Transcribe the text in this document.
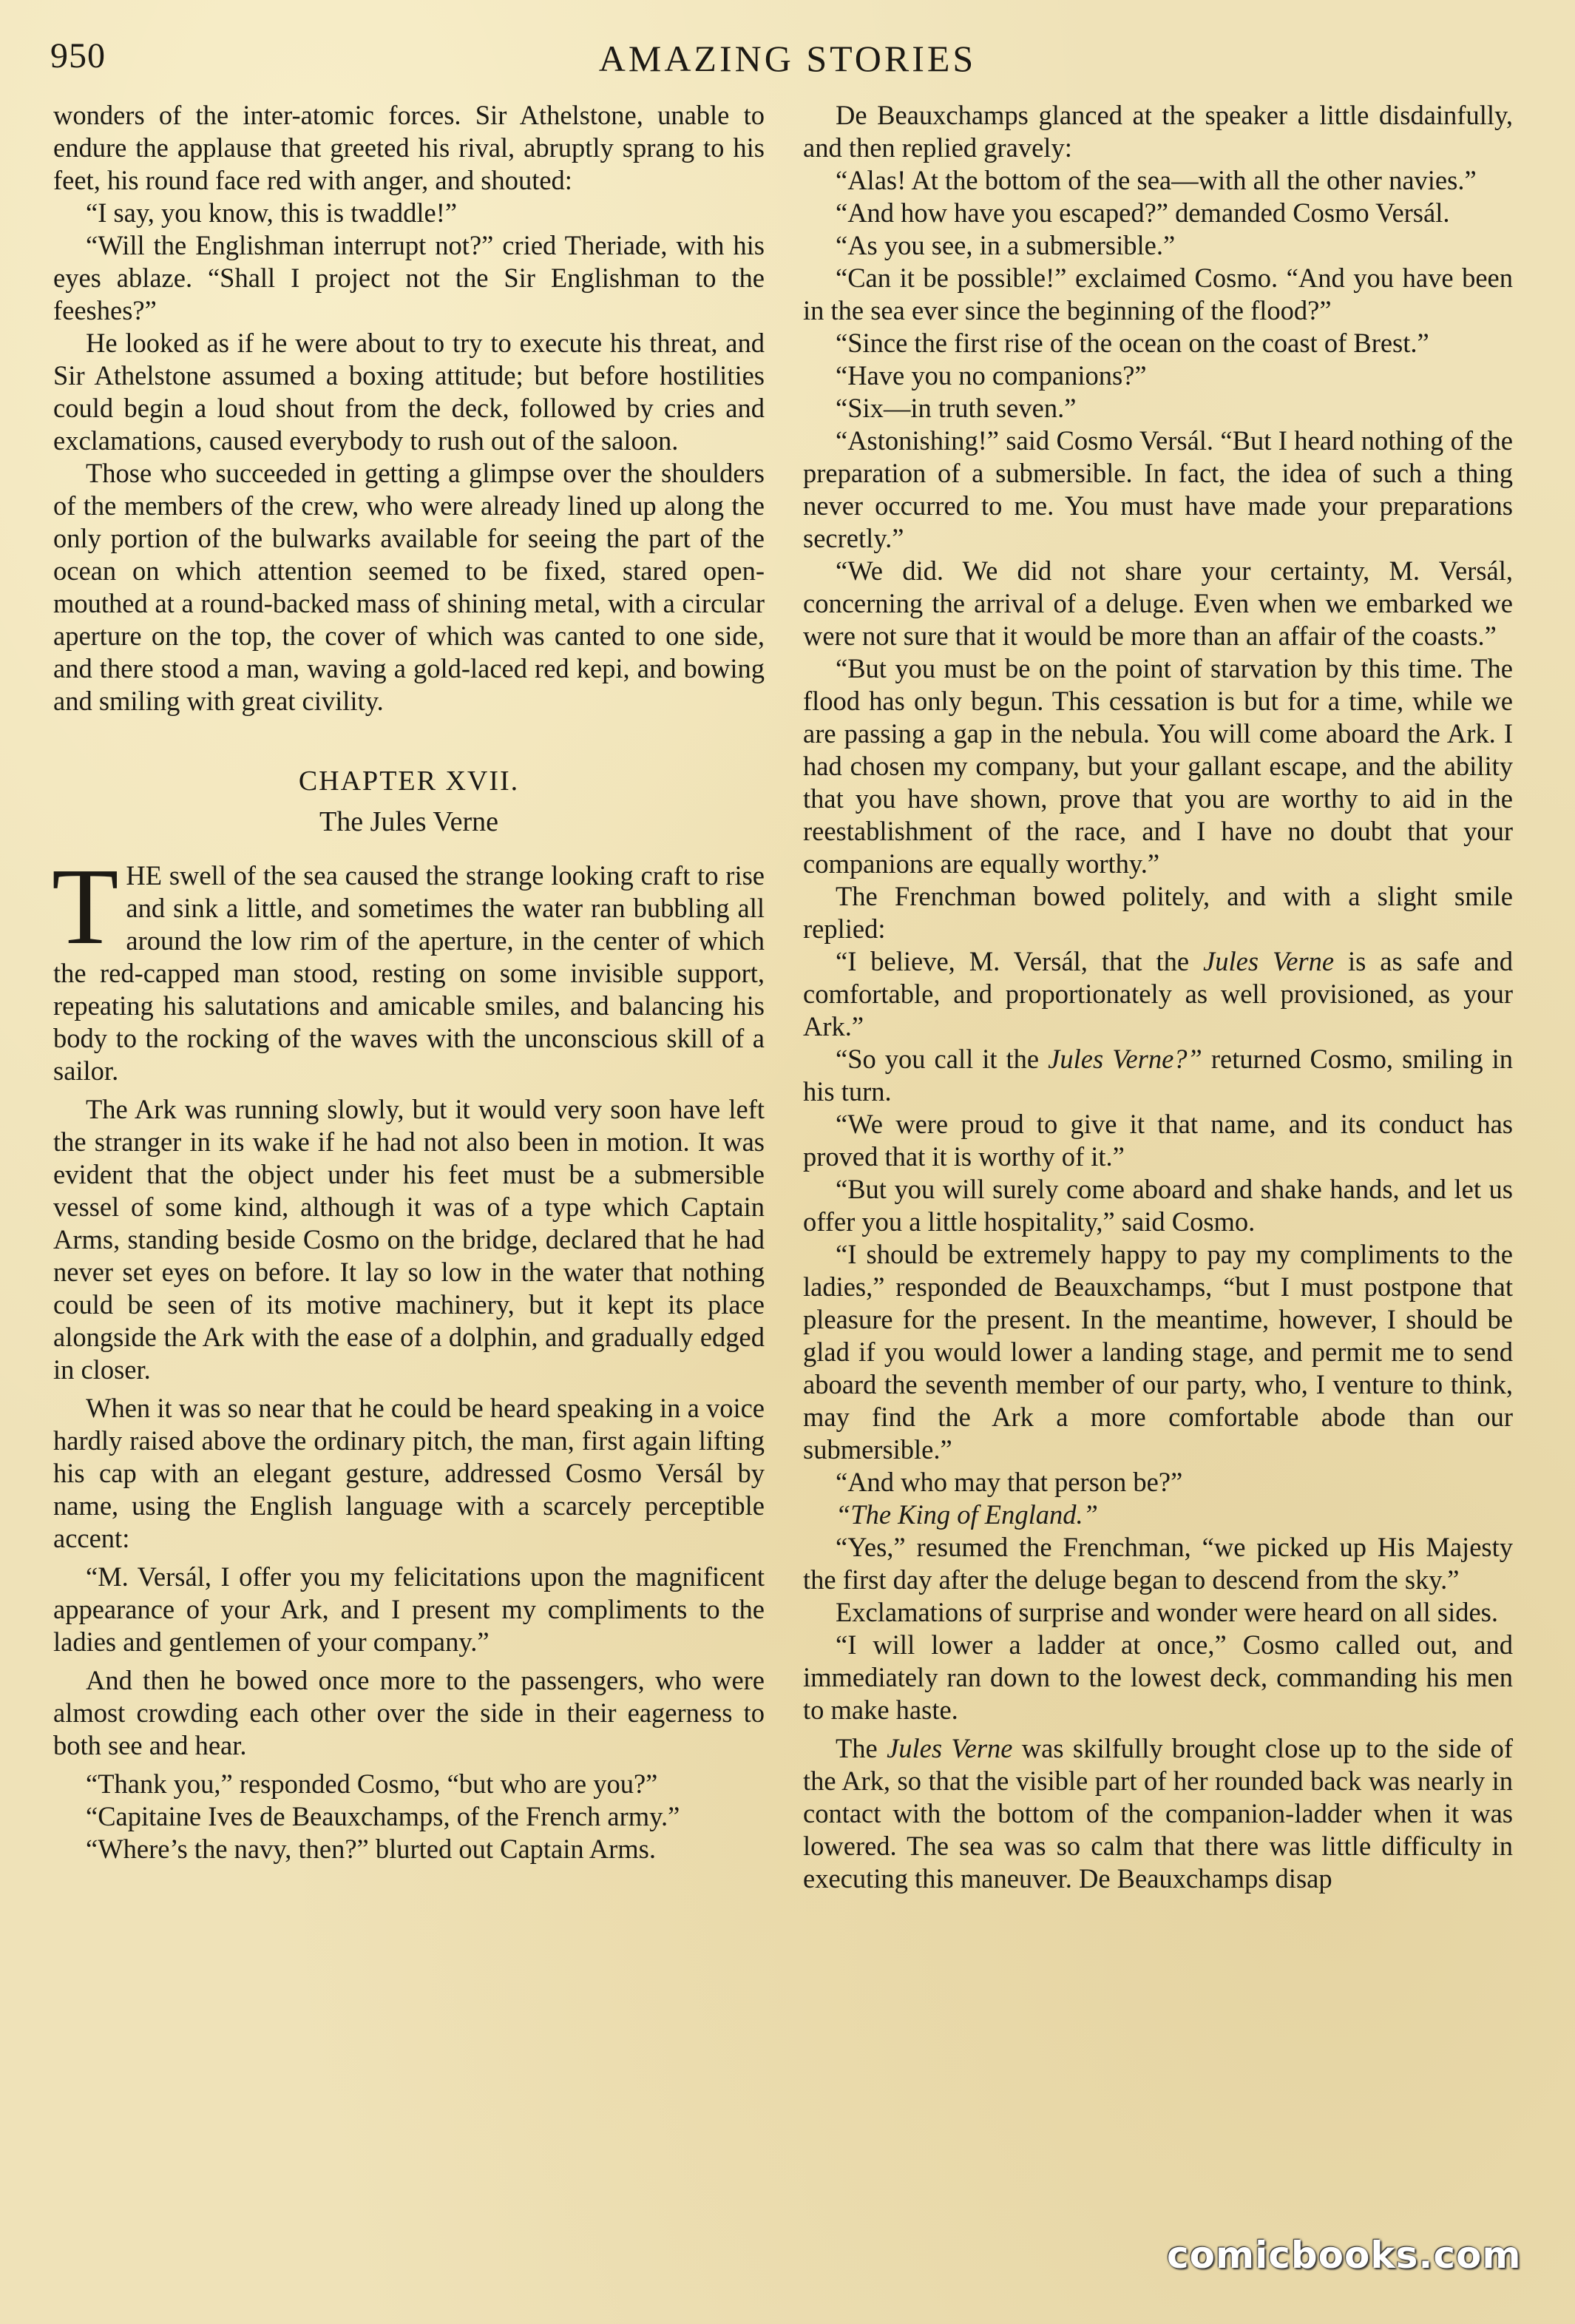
950	AMAZING STORIES

wonders of the inter-atomic forces. Sir Athelstone, unable to endure the applause that greeted his rival, abruptly sprang to his feet, his round face red with anger, and shouted:

“I say, you know, this is twaddle!”

“Will the Englishman interrupt not?” cried Theriade, with his eyes ablaze. “Shall I project not the Sir Englishman to the feeshes?”

He looked as if he were about to try to execute his threat, and Sir Athelstone assumed a boxing attitude; but before hostilities could begin a loud shout from the deck, followed by cries and exclamations, caused everybody to rush out of the saloon.

Those who succeeded in getting a glimpse over the shoulders of the members of the crew, who were already lined up along the only portion of the bulwarks available for seeing the part of the ocean on which attention seemed to be fixed, stared open-mouthed at a round-backed mass of shining metal, with a circular aperture on the top, the cover of which was canted to one side, and there stood a man, waving a gold-laced red kepi, and bowing and smiling with great civility.

CHAPTER XVII.
The Jules Verne

THE swell of the sea caused the strange looking craft to rise and sink a little, and sometimes the water ran bubbling all around the low rim of the aperture, in the center of which the red-capped man stood, resting on some invisible support, repeating his salutations and amicable smiles, and balancing his body to the rocking of the waves with the unconscious skill of a sailor.

The Ark was running slowly, but it would very soon have left the stranger in its wake if he had not also been in motion. It was evident that the object under his feet must be a submersible vessel of some kind, although it was of a type which Captain Arms, standing beside Cosmo on the bridge, declared that he had never set eyes on before. It lay so low in the water that nothing could be seen of its motive machinery, but it kept its place alongside the Ark with the ease of a dolphin, and gradually edged in closer.

When it was so near that he could be heard speaking in a voice hardly raised above the ordinary pitch, the man, first again lifting his cap with an elegant gesture, addressed Cosmo Versál by name, using the English language with a scarcely perceptible accent:

“M. Versál, I offer you my felicitations upon the magnificent appearance of your Ark, and I present my compliments to the ladies and gentlemen of your company.”

And then he bowed once more to the passengers, who were almost crowding each other over the side in their eagerness to both see and hear.

“Thank you,” responded Cosmo, “but who are you?”

“Capitaine Ives de Beauxchamps, of the French army.”

“Where’s the navy, then?” blurted out Captain Arms.

De Beauxchamps glanced at the speaker a little disdainfully, and then replied gravely:

“Alas! At the bottom of the sea—with all the other navies.”

“And how have you escaped?” demanded Cosmo Versál.

“As you see, in a submersible.”

“Can it be possible!” exclaimed Cosmo. “And you have been in the sea ever since the beginning of the flood?”

“Since the first rise of the ocean on the coast of Brest.”

“Have you no companions?”

“Six—in truth seven.”

“Astonishing!” said Cosmo Versál. “But I heard nothing of the preparation of a submersible. In fact, the idea of such a thing never occurred to me. You must have made your preparations secretly.”

“We did. We did not share your certainty, M. Versál, concerning the arrival of a deluge. Even when we embarked we were not sure that it would be more than an affair of the coasts.”

“But you must be on the point of starvation by this time. The flood has only begun. This cessation is but for a time, while we are passing a gap in the nebula. You will come aboard the Ark. I had chosen my company, but your gallant escape, and the ability that you have shown, prove that you are worthy to aid in the reestablishment of the race, and I have no doubt that your companions are equally worthy.”

The Frenchman bowed politely, and with a slight smile replied:

“I believe, M. Versál, that the Jules Verne is as safe and comfortable, and proportionately as well provisioned, as your Ark.”

“So you call it the Jules Verne?” returned Cosmo, smiling in his turn.

“We were proud to give it that name, and its conduct has proved that it is worthy of it.”

“But you will surely come aboard and shake hands, and let us offer you a little hospitality,” said Cosmo.

“I should be extremely happy to pay my compliments to the ladies,” responded de Beauxchamps, “but I must postpone that pleasure for the present. In the meantime, however, I should be glad if you would lower a landing stage, and permit me to send aboard the seventh member of our party, who, I venture to think, may find the Ark a more comfortable abode than our submersible.”

“And who may that person be?”

“The King of England.”

“Yes,” resumed the Frenchman, “we picked up His Majesty the first day after the deluge began to descend from the sky.”

Exclamations of surprise and wonder were heard on all sides.

“I will lower a ladder at once,” Cosmo called out, and immediately ran down to the lowest deck, commanding his men to make haste.

The Jules Verne was skilfully brought close up to the side of the Ark, so that the visible part of her rounded back was nearly in contact with the bottom of the companion-ladder when it was lowered. The sea was so calm that there was little difficulty in executing this maneuver. De Beauxchamps disap

comicbooks.com
